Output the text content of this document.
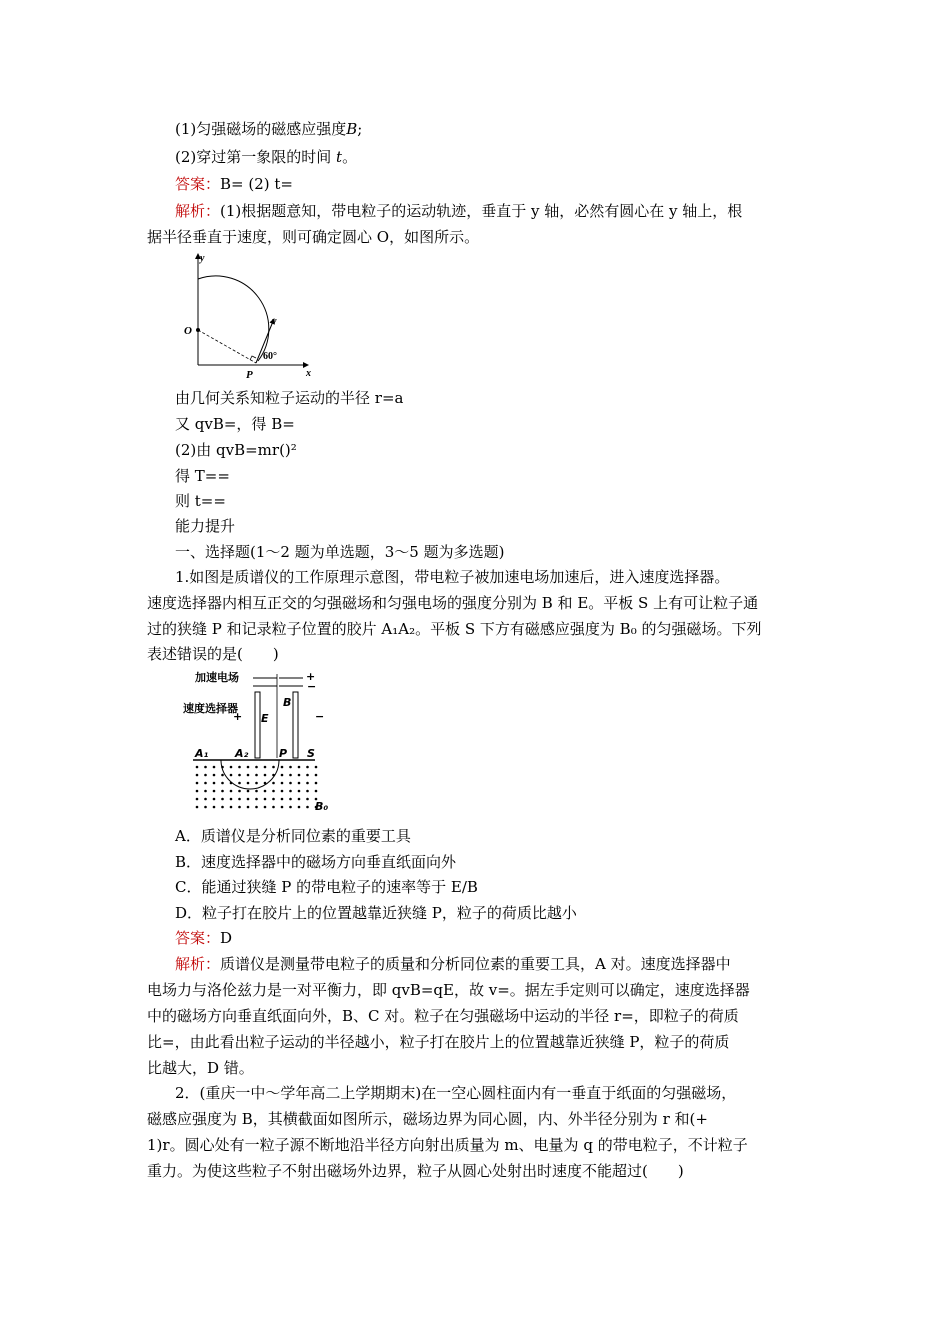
(1)匀强磁场的磁感应强度B;
(2)穿过第一象限的时间 t。
答案：B= (2) t=
解析：(1)根据题意知，带电粒子的运动轨迹，垂直于 y 轴，必然有圆心在 y 轴上，根
据半径垂直于速度，则可确定圆心 O，如图所示。
y
x
O
P
v
60°
由几何关系知粒子运动的半径 r=a
又 qvB=，得 B=
(2)由 qvB=mr()²
得 T==
则 t==
能力提升
一、选择题(1～2 题为单选题，3～5 题为多选题)
1.如图是质谱仪的工作原理示意图，带电粒子被加速电场加速后，进入速度选择器。
速度选择器内相互正交的匀强磁场和匀强电场的强度分别为 B 和 E。平板 S 上有可让粒子通
过的狭缝 P 和记录粒子位置的胶片 A₁A₂。平板 S 下方有磁感应强度为 B₀ 的匀强磁场。下列
表述错误的是(　　)
加速电场
速度选择器
+
−
+	−
E
B
A₁ A₂	P S
B₀
A．质谱仪是分析同位素的重要工具
B．速度选择器中的磁场方向垂直纸面向外
C．能通过狭缝 P 的带电粒子的速率等于 E/B
D．粒子打在胶片上的位置越靠近狭缝 P，粒子的荷质比越小
答案：D
解析：质谱仪是测量带电粒子的质量和分析同位素的重要工具，A 对。速度选择器中
电场力与洛伦兹力是一对平衡力，即 qvB=qE，故 v=。据左手定则可以确定，速度选择器
中的磁场方向垂直纸面向外，B、C 对。粒子在匀强磁场中运动的半径 r=，即粒子的荷质
比=，由此看出粒子运动的半径越小，粒子打在胶片上的位置越靠近狭缝 P，粒子的荷质
比越大，D 错。
2．(重庆一中～学年高二上学期期末)在一空心圆柱面内有一垂直于纸面的匀强磁场，
磁感应强度为 B，其横截面如图所示，磁场边界为同心圆，内、外半径分别为 r 和(+
1)r。圆心处有一粒子源不断地沿半径方向射出质量为 m、电量为 q 的带电粒子，不计粒子
重力。为使这些粒子不射出磁场外边界，粒子从圆心处射出时速度不能超过(　　)
